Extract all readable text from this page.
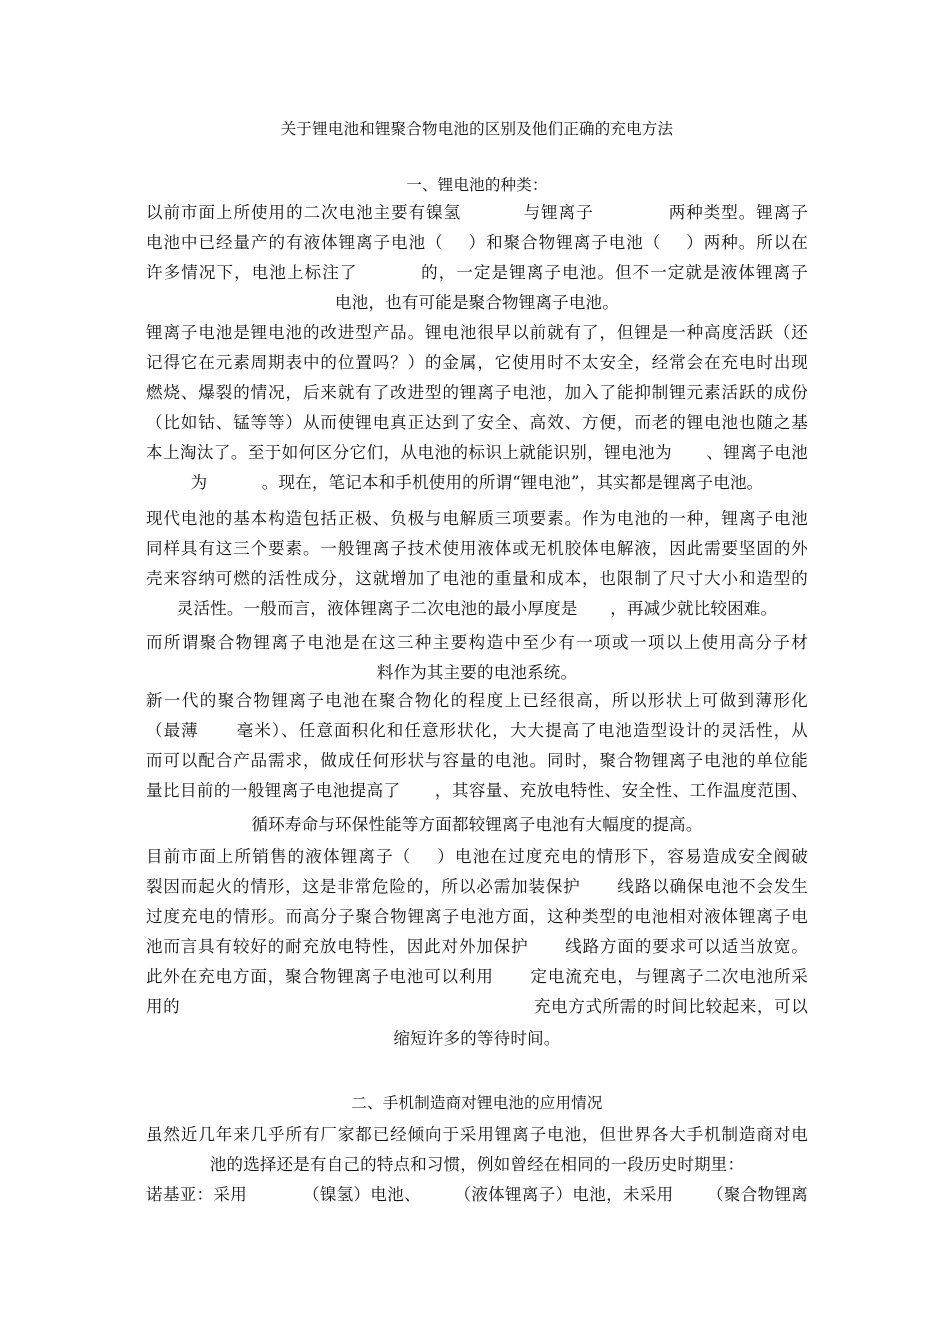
关于锂电池和锂聚合物电池的区别及他们正确的充电方法
一、锂电池的种类：
以前市面上所使用的二次电池主要有镍氢          与锂离子            两种类型。锂离子
电池中已经量产的有液体锂离子电池（    ）和聚合物锂离子电池（    ）两种。所以在
许多情况下，电池上标注了          的，一定是锂离子电池。但不一定就是液体锂离子
电池，也有可能是聚合物锂离子电池。
锂离子电池是锂电池的改进型产品。锂电池很早以前就有了，但锂是一种高度活跃（还
记得它在元素周期表中的位置吗？）的金属，它使用时不太安全，经常会在充电时出现
燃烧、爆裂的情况，后来就有了改进型的锂离子电池，加入了能抑制锂元素活跃的成份
（比如钴、锰等等）从而使锂电真正达到了安全、高效、方便，而老的锂电池也随之基
本上淘汰了。至于如何区分它们，从电池的标识上就能识别，锂电池为      、锂离子电池
为          。现在，笔记本和手机使用的所谓“锂电池”，其实都是锂离子电池。
现代电池的基本构造包括正极、负极与电解质三项要素。作为电池的一种，锂离子电池
同样具有这三个要素。一般锂离子技术使用液体或无机胶体电解液，因此需要坚固的外
壳来容纳可燃的活性成分，这就增加了电池的重量和成本，也限制了尺寸大小和造型的
灵活性。一般而言，液体锂离子二次电池的最小厚度是      ，再减少就比较困难。
而所谓聚合物锂离子电池是在这三种主要构造中至少有一项或一项以上使用高分子材
料作为其主要的电池系统。
新一代的聚合物锂离子电池在聚合物化的程度上已经很高，所以形状上可做到薄形化
（最薄      毫米）、任意面积化和任意形状化，大大提高了电池造型设计的灵活性，从
而可以配合产品需求，做成任何形状与容量的电池。同时，聚合物锂离子电池的单位能
量比目前的一般锂离子电池提高了      ，其容量、充放电特性、安全性、工作温度范围、
循环寿命与环保性能等方面都较锂离子电池有大幅度的提高。
目前市面上所销售的液体锂离子（    ）电池在过度充电的情形下，容易造成安全阀破
裂因而起火的情形，这是非常危险的，所以必需加装保护      线路以确保电池不会发生
过度充电的情形。而高分子聚合物锂离子电池方面，这种类型的电池相对液体锂离子电
池而言具有较好的耐充放电特性，因此对外加保护      线路方面的要求可以适当放宽。
此外在充电方面，聚合物锂离子电池可以利用      定电流充电，与锂离子二次电池所采
用的                                                            充电方式所需的时间比较起来，可以
缩短许多的等待时间。
二、手机制造商对锂电池的应用情况
虽然近几年来几乎所有厂家都已经倾向于采用锂离子电池，但世界各大手机制造商对电
池的选择还是有自己的特点和习惯，例如曾经在相同的一段历史时期里：
诺基亚：采用          （镍氢）电池、      （液体锂离子）电池，未采用      （聚合物锂离
